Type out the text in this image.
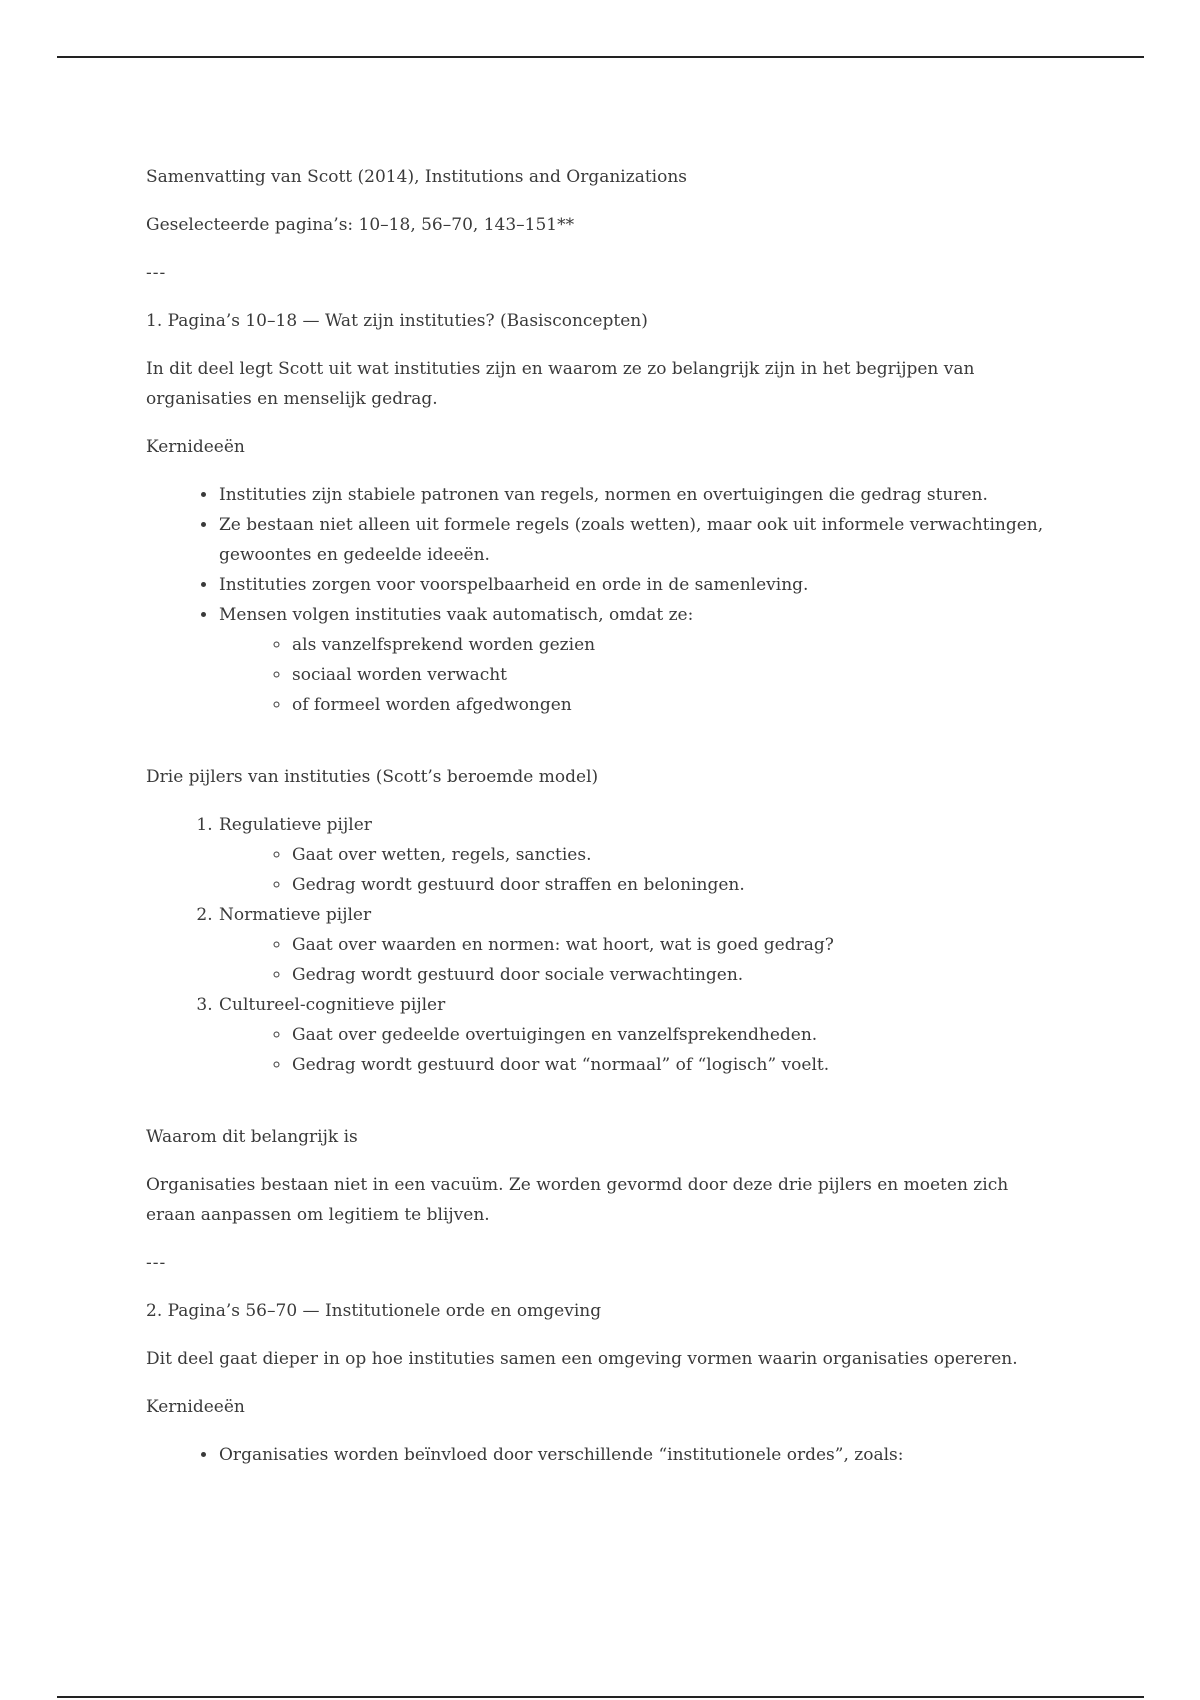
Samenvatting van Scott (2014), Institutions and Organizations

Geselecteerde pagina’s: 10–18, 56–70, 143–151**

---

1. Pagina’s 10–18 — Wat zijn instituties? (Basisconcepten)

In dit deel legt Scott uit wat instituties zijn en waarom ze zo belangrijk zijn in het begrijpen van organisaties en menselijk gedrag.

Kernideeën

• Instituties zijn stabiele patronen van regels, normen en overtuigingen die gedrag sturen.
• Ze bestaan niet alleen uit formele regels (zoals wetten), maar ook uit informele verwachtingen, gewoontes en gedeelde ideeën.
• Instituties zorgen voor voorspelbaarheid en orde in de samenleving.
• Mensen volgen instituties vaak automatisch, omdat ze:
◦ als vanzelfsprekend worden gezien
◦ sociaal worden verwacht
◦ of formeel worden afgedwongen

Drie pijlers van instituties (Scott’s beroemde model)

1. Regulatieve pijler
◦ Gaat over wetten, regels, sancties.
◦ Gedrag wordt gestuurd door straffen en beloningen.
2. Normatieve pijler
◦ Gaat over waarden en normen: wat hoort, wat is goed gedrag?
◦ Gedrag wordt gestuurd door sociale verwachtingen.
3. Cultureel-cognitieve pijler
◦ Gaat over gedeelde overtuigingen en vanzelfsprekendheden.
◦ Gedrag wordt gestuurd door wat “normaal” of “logisch” voelt.

Waarom dit belangrijk is

Organisaties bestaan niet in een vacuüm. Ze worden gevormd door deze drie pijlers en moeten zich eraan aanpassen om legitiem te blijven.

---

2. Pagina’s 56–70 — Institutionele orde en omgeving

Dit deel gaat dieper in op hoe instituties samen een omgeving vormen waarin organisaties opereren.

Kernideeën

• Organisaties worden beïnvloed door verschillende “institutionele ordes”, zoals:
